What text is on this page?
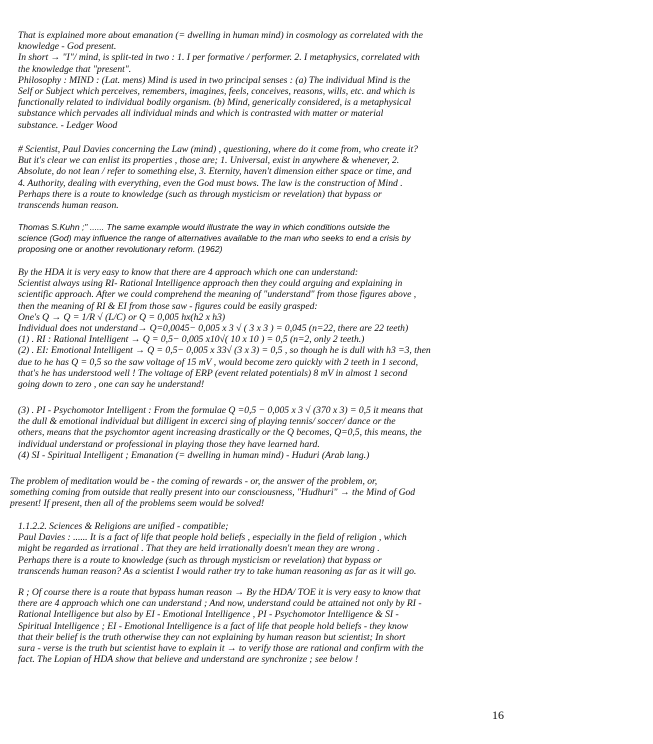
That is explained more about emanation (= dwelling in human mind) in cosmology as correlated with the
knowledge - God present.
In short → "I"/ mind, is split-ted in two : 1. I per formative / performer. 2. I metaphysics, correlated with
the knowledge that "present".
Philosophy : MIND : (Lat. mens) Mind is used in two principal senses : (a) The individual Mind is the
Self or Subject which perceives, remembers, imagines, feels, conceives, reasons, wills, etc. and which is
functionally related to individual bodily organism. (b) Mind, generically considered, is a metaphysical
substance which pervades all individual minds and which is contrasted with matter or material
substance. - Ledger Wood
# Scientist, Paul Davies concerning the Law (mind) , questioning, where do it come from, who create it?
But it's clear we can enlist its properties , those are; 1. Universal, exist in anywhere & whenever, 2.
Absolute, do not lean / refer to something else, 3. Eternity, haven't dimension either space or time, and
4. Authority, dealing with everything, even the God must bows. The law is the construction of Mind .
Perhaps there is a route to knowledge (such as through mysticism or revelation) that bypass or
transcends human reason.
Thomas S.Kuhn ;" ...... The same example would illustrate the way in which conditions outside the
science (God) may influence the range of alternatives available to the man who seeks to end a crisis by
proposing one or another revolutionary reform. (1962)
By the HDA it is very easy to know that there are 4 approach which one can understand:
Scientist always using RI- Rational Intelligence approach then they could arguing and explaining in
scientific approach. After we could comprehend the meaning of "understand" from those figures above ,
then the meaning of RI & EI from those saw - figures could be easily grasped:
One's Q → Q = 1/R √ (L/C) or Q = 0,005 hx(h2 x h3)
Individual does not understand→ Q=0,0045− 0,005 x 3 √ ( 3 x 3 ) = 0,045 (n=22, there are 22 teeth)
(1) . RI : Rational Intelligent → Q = 0,5− 0,005 x10√( 10 x 10 ) = 0,5 (n=2, only 2 teeth.)
(2) . EI: Emotional Intelligent → Q = 0,5− 0,005 x 33√ (3 x 3) = 0,5 , so though he is dull with h3 =3, then
due to he has Q = 0,5 so the saw voltage of 15 mV , would become zero quickly with 2 teeth in 1 second,
that's he has understood well ! The voltage of ERP (event related potentials) 8 mV in almost 1 second
going down to zero , one can say he understand!
(3) . PI - Psychomotor Intelligent : From the formulae Q =0,5 − 0,005 x 3 √ (370 x 3) = 0,5 it means that
the dull & emotional individual but dilligent in excerci sing of playing tennis/ soccer/ dance or the
others, means that the psychomtor agent increasing drastically or the Q becomes, Q=0,5, this means, the
individual understand or professional in playing those they have learned hard.
(4) SI - Spiritual Intelligent ; Emanation (= dwelling in human mind) - Huduri (Arab lang.)
The problem of meditation would be - the coming of rewards - or, the answer of the problem, or,
something coming from outside that really present into our consciousness, "Hudhuri" → the Mind of God
present! If present, then all of the problems seem would be solved!
1.1.2.2. Sciences & Religions are unified - compatible;
Paul Davies : ...... It is a fact of life that people hold beliefs , especially in the field of religion , which
might be regarded as irrational . That they are held irrationally doesn't mean they are wrong .
Perhaps there is a route to knowledge (such as through mysticism or revelation) that bypass or
transcends human reason? As a scientist I would rather try to take human reasoning as far as it will go.
R ; Of course there is a route that bypass human reason → By the HDA/ TOE it is very easy to know that
there are 4 approach which one can understand ; And now, understand could be attained not only by RI -
Rational Intelligence but also by EI - Emotional Intelligence , PI - Psychomotor Intelligence & SI -
Spiritual Intelligence ; EI - Emotional Intelligence is a fact of life that people hold beliefs - they know
that their belief is the truth otherwise they can not explaining by human reason but scientist; In short
sura - verse is the truth but scientist have to explain it → to verify those are rational and confirm with the
fact. The Lopian of HDA show that believe and understand are synchronize ; see below !
16
